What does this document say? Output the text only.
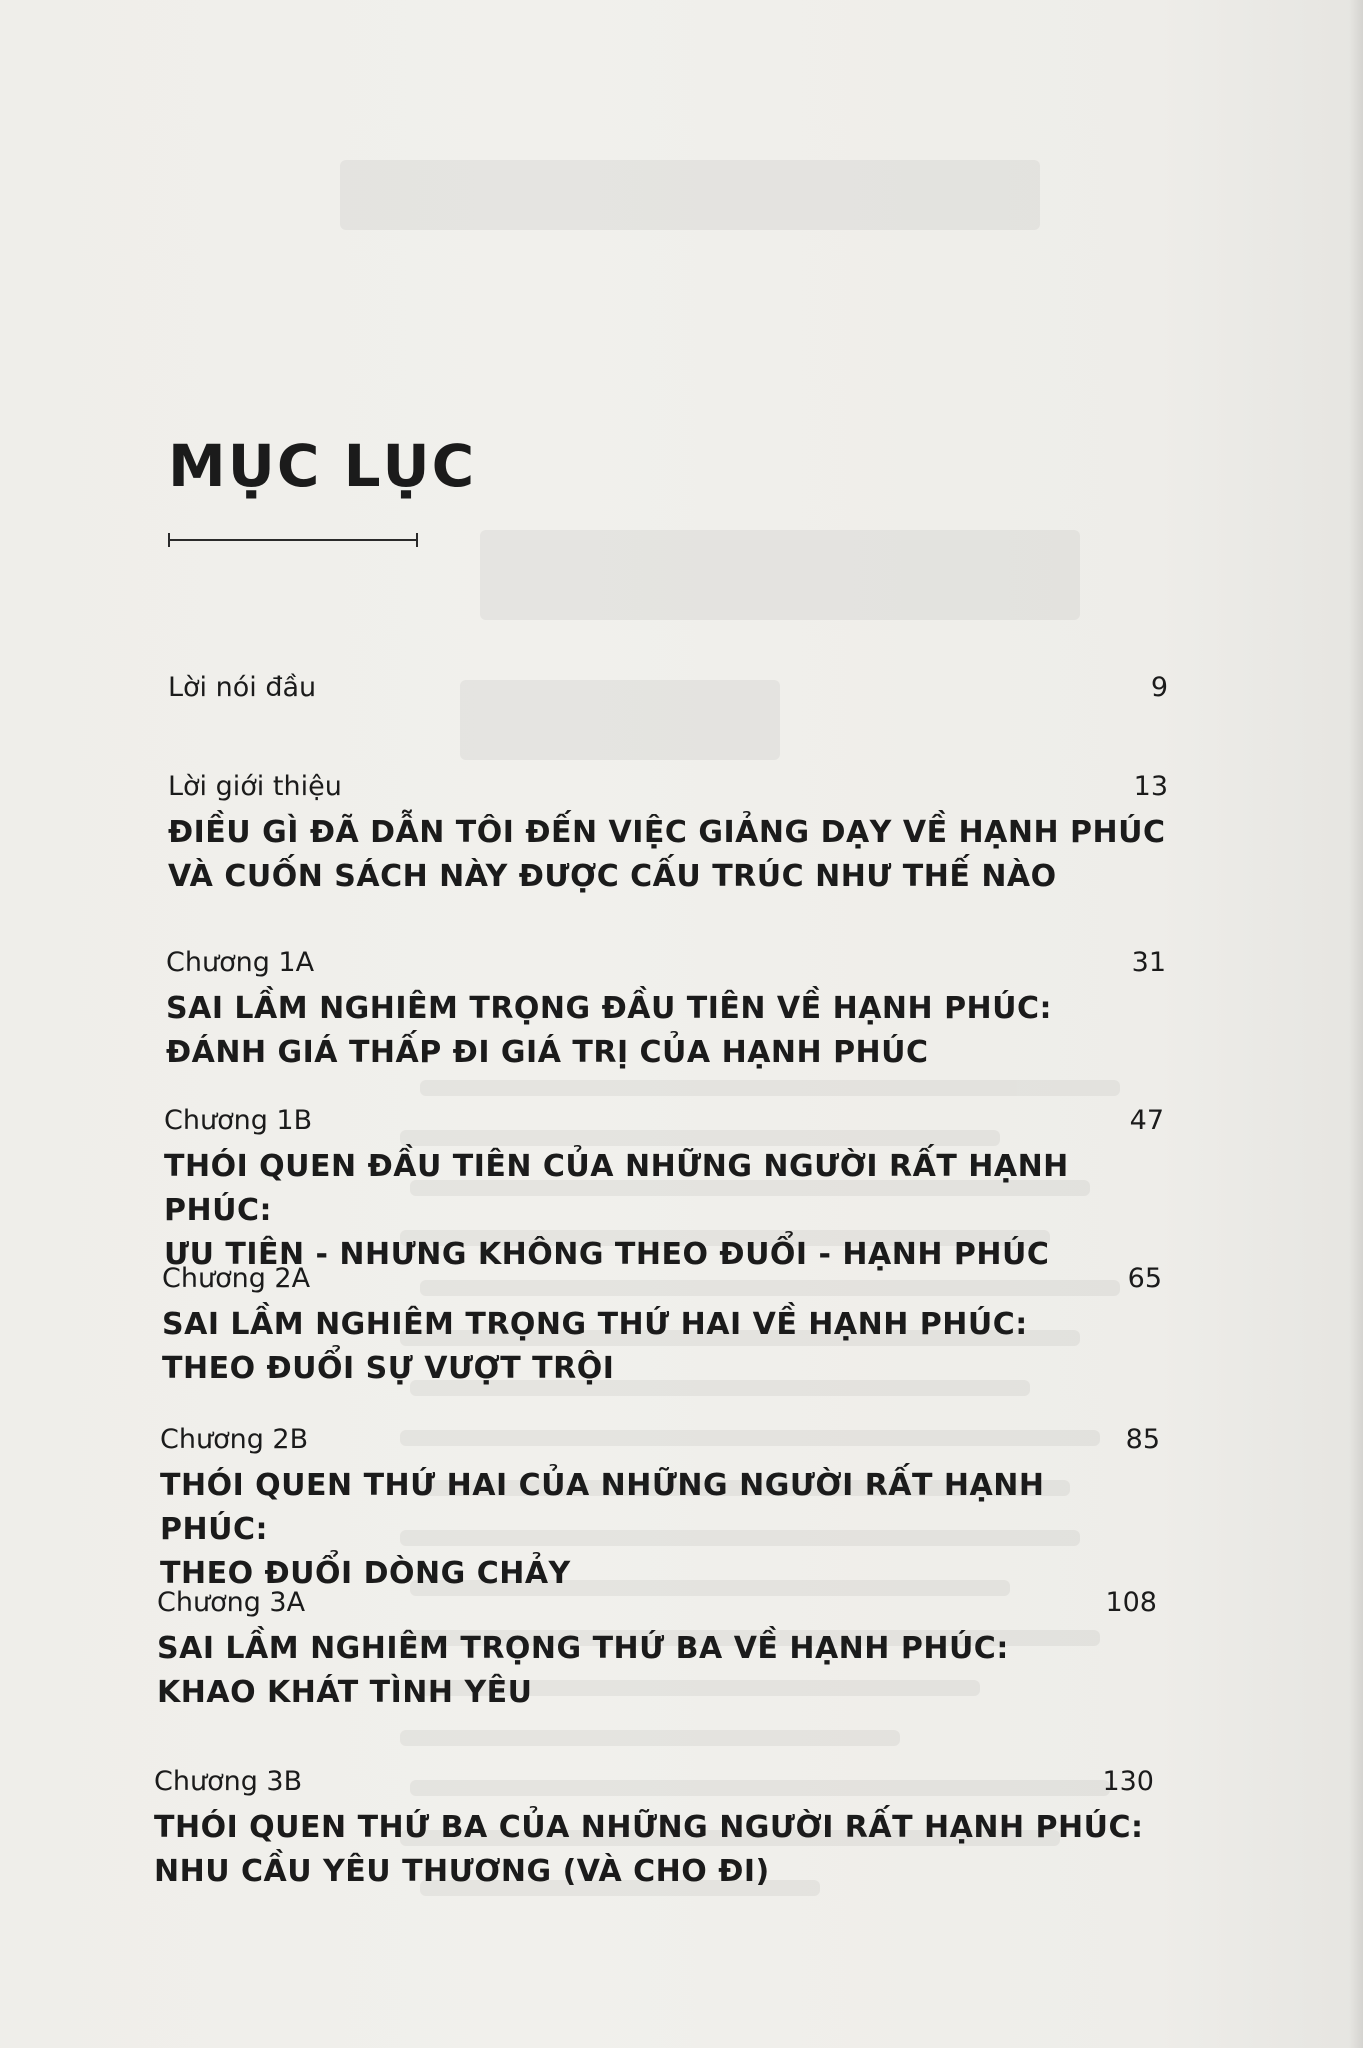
MỤC LỤC
Lời nói đầu	9
Lời giới thiệu	13
ĐIỀU GÌ ĐÃ DẪN TÔI ĐẾN VIỆC GIẢNG DẠY VỀ HẠNH PHÚC
VÀ CUỐN SÁCH NÀY ĐƯỢC CẤU TRÚC NHƯ THẾ NÀO
Chương 1A	31
SAI LẦM NGHIÊM TRỌNG ĐẦU TIÊN VỀ HẠNH PHÚC:
ĐÁNH GIÁ THẤP ĐI GIÁ TRỊ CỦA HẠNH PHÚC
Chương 1B	47
THÓI QUEN ĐẦU TIÊN CỦA NHỮNG NGƯỜI RẤT HẠNH PHÚC:
ƯU TIÊN - NHƯNG KHÔNG THEO ĐUỔI - HẠNH PHÚC
Chương 2A	65
SAI LẦM NGHIÊM TRỌNG THỨ HAI VỀ HẠNH PHÚC:
THEO ĐUỔI SỰ VƯỢT TRỘI
Chương 2B	85
THÓI QUEN THỨ HAI CỦA NHỮNG NGƯỜI RẤT HẠNH PHÚC:
THEO ĐUỔI DÒNG CHẢY
Chương 3A	108
SAI LẦM NGHIÊM TRỌNG THỨ BA VỀ HẠNH PHÚC:
KHAO KHÁT TÌNH YÊU
Chương 3B	130
THÓI QUEN THỨ BA CỦA NHỮNG NGƯỜI RẤT HẠNH PHÚC:
NHU CẦU YÊU THƯƠNG (VÀ CHO ĐI)
